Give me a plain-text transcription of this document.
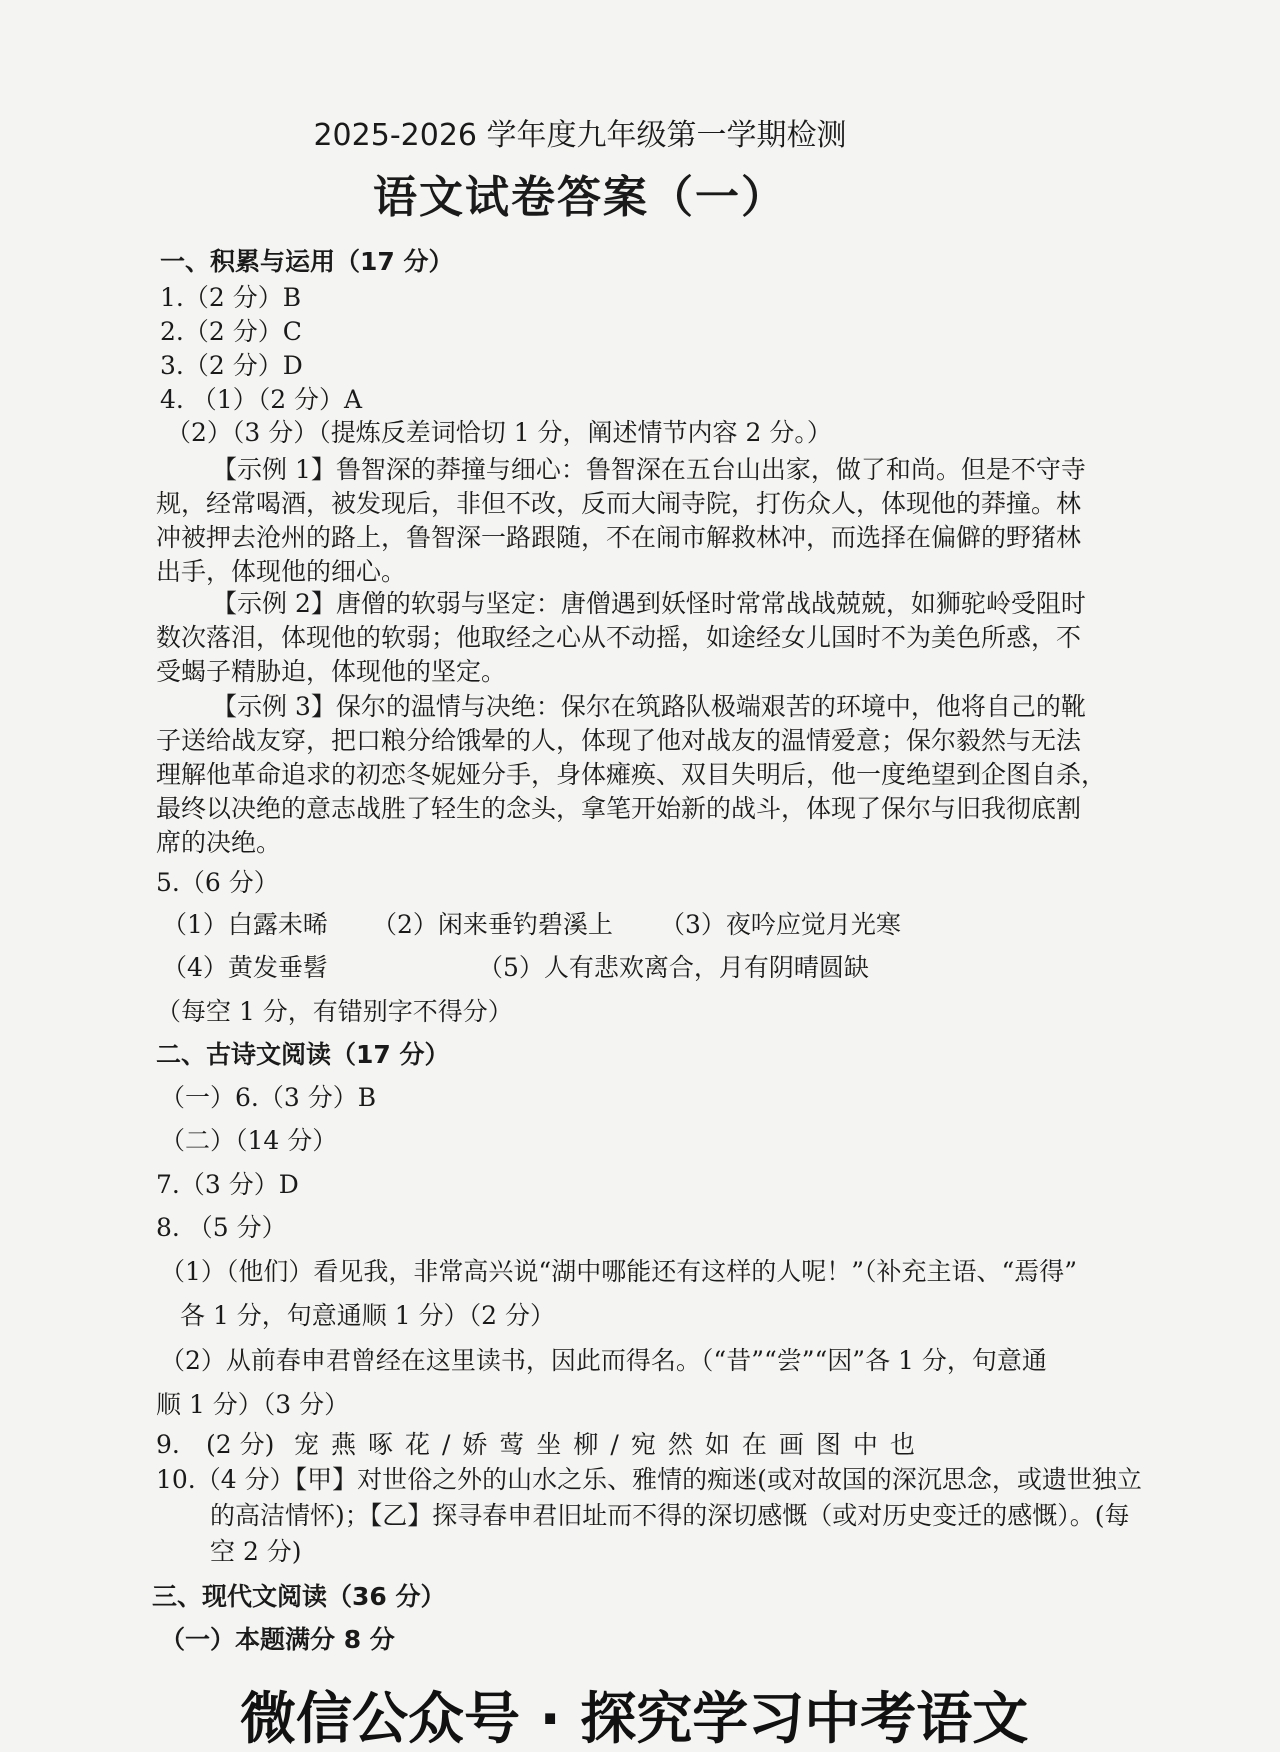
2025-2026 学年度九年级第一学期检测
语文试卷答案（一）
一、积累与运用（17 分）
1.（2 分）B
2.（2 分）C
3.（2 分）D
4. （1）（2 分）A
（2）（3 分）（提炼反差词恰切 1 分，阐述情节内容 2 分。）
【示例 1】鲁智深的莽撞与细心：鲁智深在五台山出家，做了和尚。但是不守寺
规，经常喝酒，被发现后，非但不改，反而大闹寺院，打伤众人，体现他的莽撞。林
冲被押去沧州的路上，鲁智深一路跟随，不在闹市解救林冲，而选择在偏僻的野猪林
出手，体现他的细心。
【示例 2】唐僧的软弱与坚定：唐僧遇到妖怪时常常战战兢兢，如狮驼岭受阻时
数次落泪，体现他的软弱；他取经之心从不动摇，如途经女儿国时不为美色所惑，不
受蝎子精胁迫，体现他的坚定。
【示例 3】保尔的温情与决绝：保尔在筑路队极端艰苦的环境中，他将自己的靴
子送给战友穿，把口粮分给饿晕的人，体现了他对战友的温情爱意；保尔毅然与无法
理解他革命追求的初恋冬妮娅分手，身体瘫痪、双目失明后，他一度绝望到企图自杀，
最终以决绝的意志战胜了轻生的念头，拿笔开始新的战斗，体现了保尔与旧我彻底割
席的决绝。
5.（6 分）
（1）白露未晞 （2）闲来垂钓碧溪上 （3）夜吟应觉月光寒
（4）黄发垂髫	（5）人有悲欢离合，月有阴晴圆缺
（每空 1 分，有错别字不得分）
二、古诗文阅读（17 分）
（一）6.（3 分）B
（二）（14 分）
7.（3 分）D
8. （5 分）
（1）（他们）看见我，非常高兴说“湖中哪能还有这样的人呢！”（补充主语、“焉得”
各 1 分，句意通顺 1 分）（2 分）
（2）从前春申君曾经在这里读书，因此而得名。（“昔”“尝”“因”各 1 分，句意通
顺 1 分）（3 分）
9. (2 分) 宠燕啄花/娇莺坐柳/宛然如在画图中也
10.（4 分）【甲】对世俗之外的山水之乐、雅情的痴迷(或对故国的深沉思念，或遗世独立
的高洁情怀)；【乙】探寻春申君旧址而不得的深切感慨（或对历史变迁的感慨）。(每
空 2 分)
三、现代文阅读（36 分）
（一）本题满分 8 分
微信公众号 · 探究学习中考语文
